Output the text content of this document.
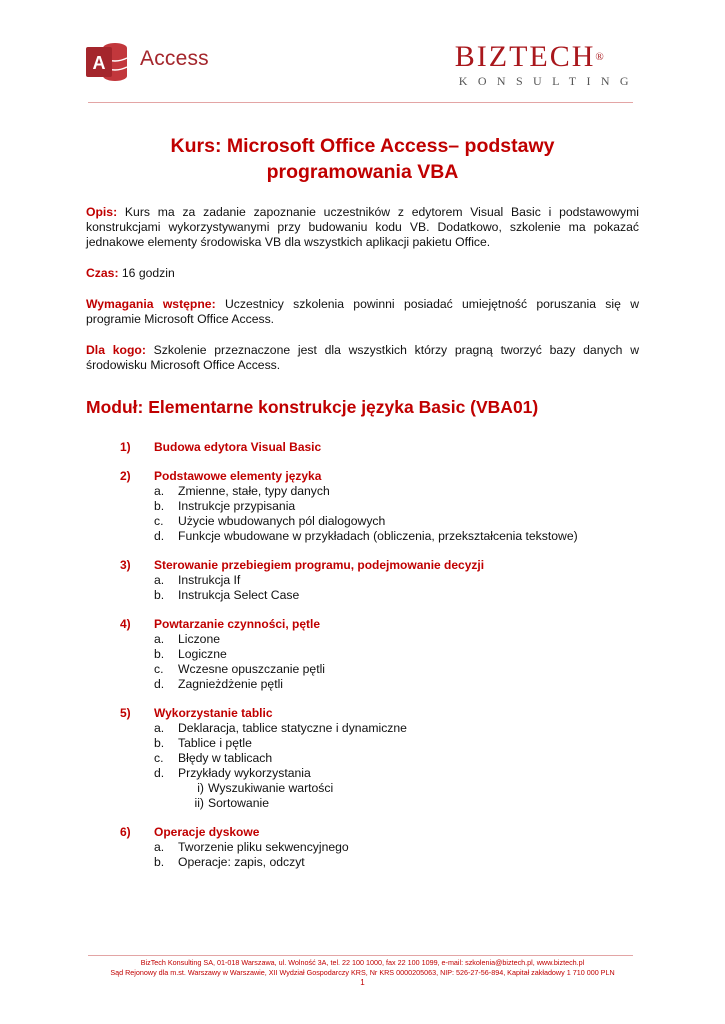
A Access	BIZTECH®
KONSULTING
Kurs: Microsoft Office Access– podstawy programowania VBA

Opis: Kurs ma za zadanie zapoznanie uczestników z edytorem Visual Basic i podstawowymi konstrukcjami wykorzystywanymi przy budowaniu kodu VB. Dodatkowo, szkolenie ma pokazać jednakowe elementy środowiska VB dla wszystkich aplikacji pakietu Office.

Czas: 16 godzin

Wymagania wstępne: Uczestnicy szkolenia powinni posiadać umiejętność poruszania się w programie Microsoft Office Access.

Dla kogo: Szkolenie przeznaczone jest dla wszystkich którzy pragną tworzyć bazy danych w środowisku Microsoft Office Access.

Moduł: Elementarne konstrukcje języka Basic (VBA01)
1)	Budowa edytora Visual Basic
2)	Podstawowe elementy języka
a.	Zmienne, stałe, typy danych
b.	Instrukcje przypisania
c.	Użycie wbudowanych pól dialogowych
d.	Funkcje wbudowane w przykładach (obliczenia, przekształcenia tekstowe)
3)	Sterowanie przebiegiem programu, podejmowanie decyzji
a.	Instrukcja If
b.	Instrukcja Select Case
4)	Powtarzanie czynności, pętle
a.	Liczone
b.	Logiczne
c.	Wczesne opuszczanie pętli
d.	Zagnieżdżenie pętli
5)	Wykorzystanie tablic
a.	Deklaracja, tablice statyczne i dynamiczne
b.	Tablice i pętle
c.	Błędy w tablicach
d.	Przykłady wykorzystania
i) Wyszukiwanie wartości
ii) Sortowanie
6)	Operacje dyskowe
a.	Tworzenie pliku sekwencyjnego
b.	Operacje: zapis, odczyt
BizTech Konsulting SA, 01-018 Warszawa, ul. Wolność 3A, tel. 22 100 1000, fax 22 100 1099, e-mail: szkolenia@biztech.pl, www.biztech.pl
Sąd Rejonowy dla m.st. Warszawy w Warszawie, XII Wydział Gospodarczy KRS, Nr KRS 0000205063, NIP: 526-27-56-894, Kapitał zakładowy 1 710 000 PLN
1
